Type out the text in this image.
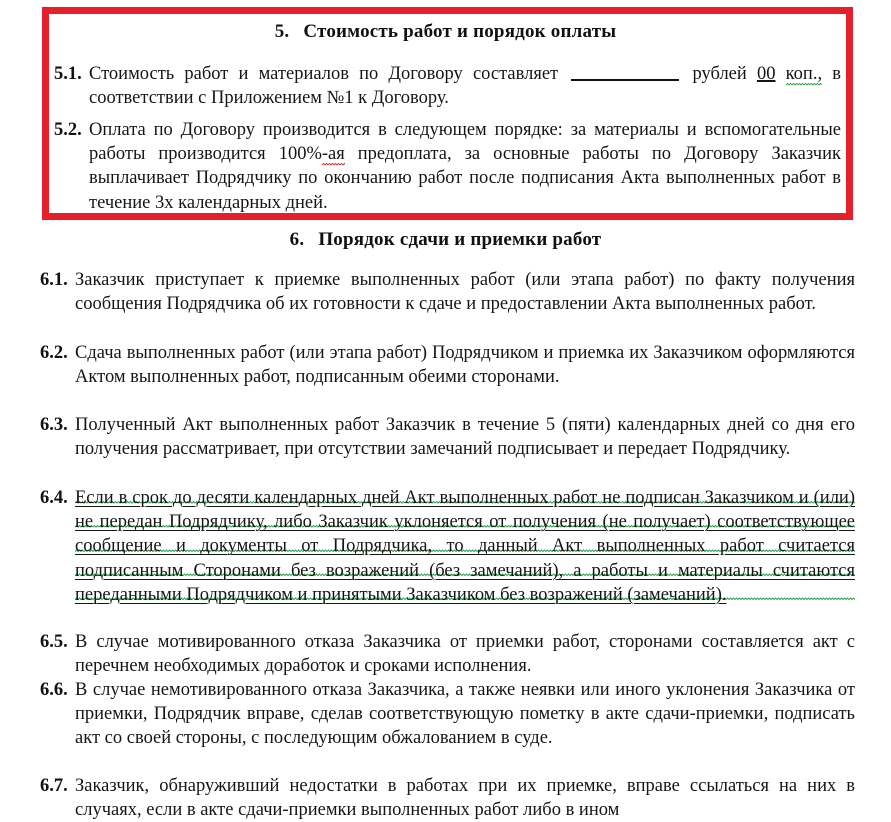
5. Стоимость работ и порядок оплаты
5.1. Стоимость работ и материалов по Договору составляет	рублей 00 коп., в соответствии с Приложением №1 к Договору.
5.2. Оплата по Договору производится в следующем порядке: за материалы и вспомогательные работы производится 100%-ая предоплата, за основные работы по Договору Заказчик выплачивает Подрядчику по окончанию работ после подписания Акта выполненных работ в течение 3х календарных дней.
6. Порядок сдачи и приемки работ
6.1. Заказчик приступает к приемке выполненных работ (или этапа работ) по факту получения сообщения Подрядчика об их готовности к сдаче и предоставлении Акта выполненных работ.
6.2. Сдача выполненных работ (или этапа работ) Подрядчиком и приемка их Заказчиком оформляются Актом выполненных работ, подписанным обеими сторонами.
6.3. Полученный Акт выполненных работ Заказчик в течение 5 (пяти) календарных дней со дня его получения рассматривает, при отсутствии замечаний подписывает и передает Подрядчику.
6.4. Если в срок до десяти календарных дней Акт выполненных работ не подписан Заказчиком и (или) не передан Подрядчику, либо Заказчик уклоняется от получения (не получает) соответствующее сообщение и документы от Подрядчика, то данный Акт выполненных работ считается подписанным Сторонами без возражений (без замечаний), а работы и материалы считаются переданными Подрядчиком и принятыми Заказчиком без возражений (замечаний).
6.5. В случае мотивированного отказа Заказчика от приемки работ, сторонами составляется акт с перечнем необходимых доработок и сроками исполнения.
6.6. В случае немотивированного отказа Заказчика, а также неявки или иного уклонения Заказчика от приемки, Подрядчик вправе, сделав соответствующую пометку в акте сдачи-приемки, подписать акт со своей стороны, с последующим обжалованием в суде.
6.7. Заказчик, обнаруживший недостатки в работах при их приемке, вправе ссылаться на них в случаях, если в акте сдачи-приемки выполненных работ либо в ином
